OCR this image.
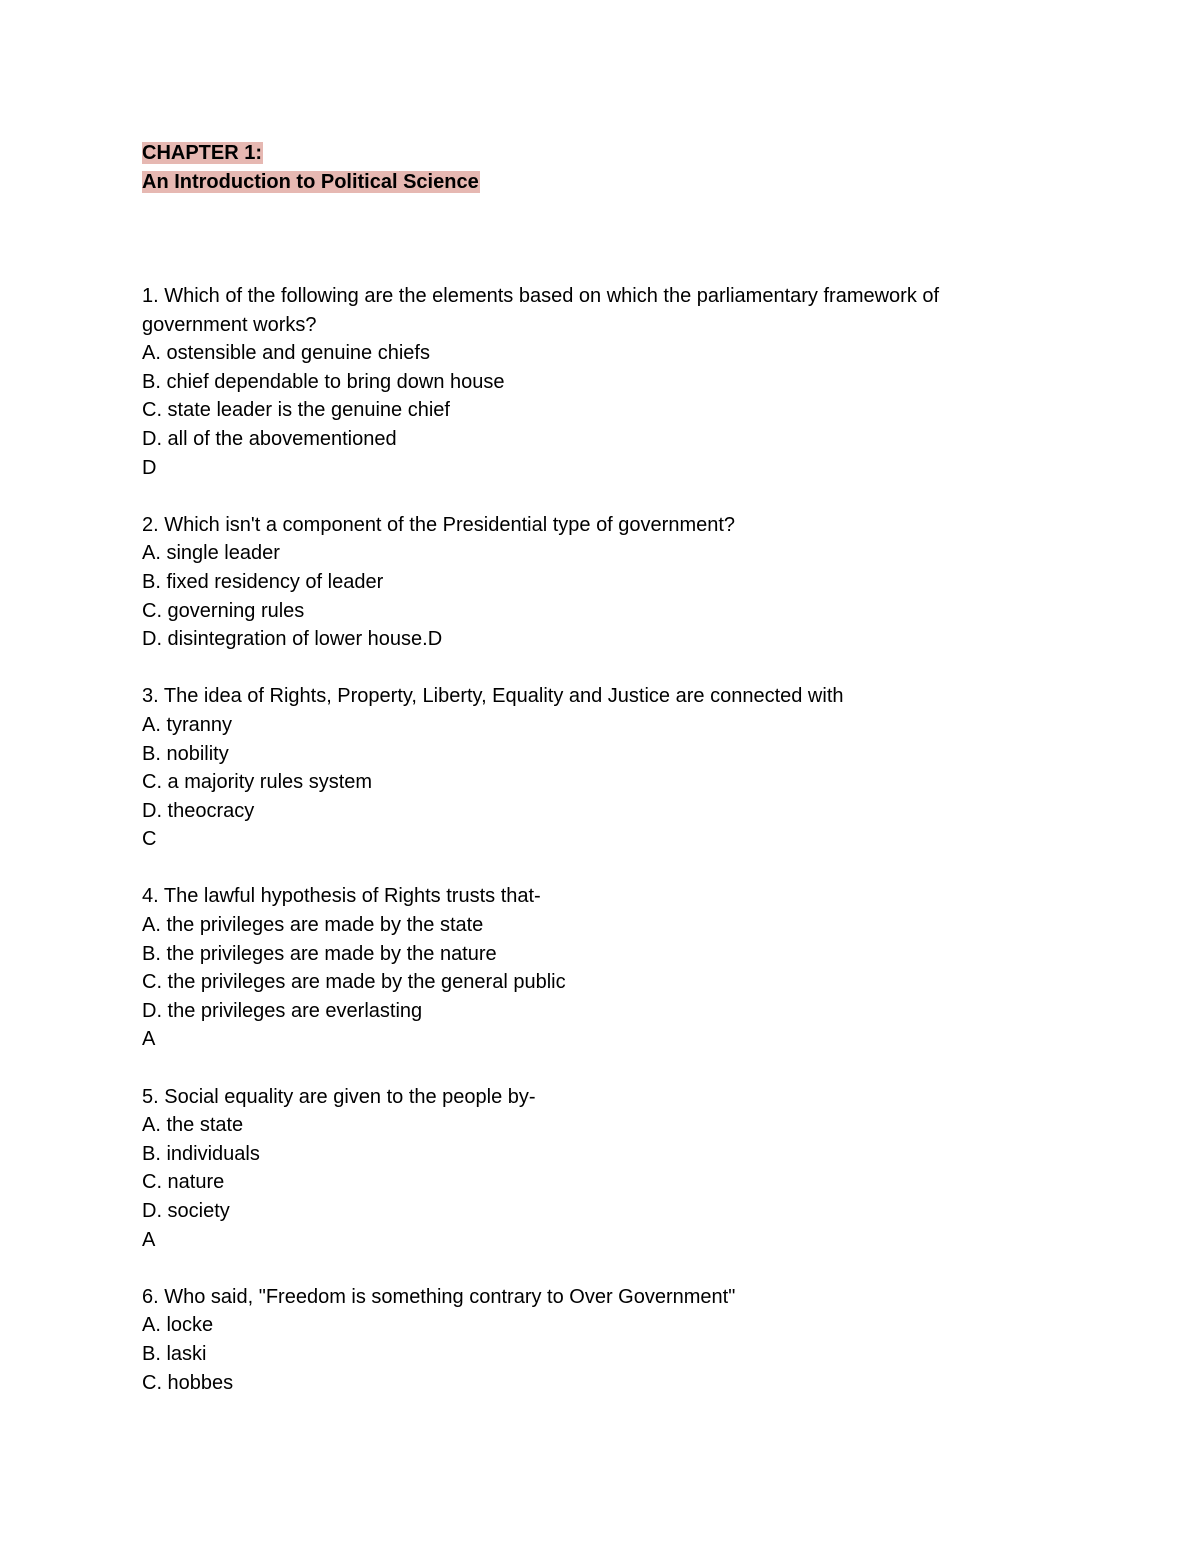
CHAPTER 1:
An Introduction to Political Science
1. Which of the following are the elements based on which the parliamentary framework of government works?
A. ostensible and genuine chiefs
B. chief dependable to bring down house
C. state leader is the genuine chief
D. all of the abovementioned
D
2. Which isn't a component of the Presidential type of government?
A. single leader
B. fixed residency of leader
C. governing rules
D. disintegration of lower house.D
3. The idea of Rights, Property, Liberty, Equality and Justice are connected with
A. tyranny
B. nobility
C. a majority rules system
D. theocracy
C
4. The lawful hypothesis of Rights trusts that-
A. the privileges are made by the state
B. the privileges are made by the nature
C. the privileges are made by the general public
D. the privileges are everlasting
A
5. Social equality are given to the people by-
A. the state
B. individuals
C. nature
D. society
A
6. Who said, "Freedom is something contrary to Over Government"
A. locke
B. laski
C. hobbes
